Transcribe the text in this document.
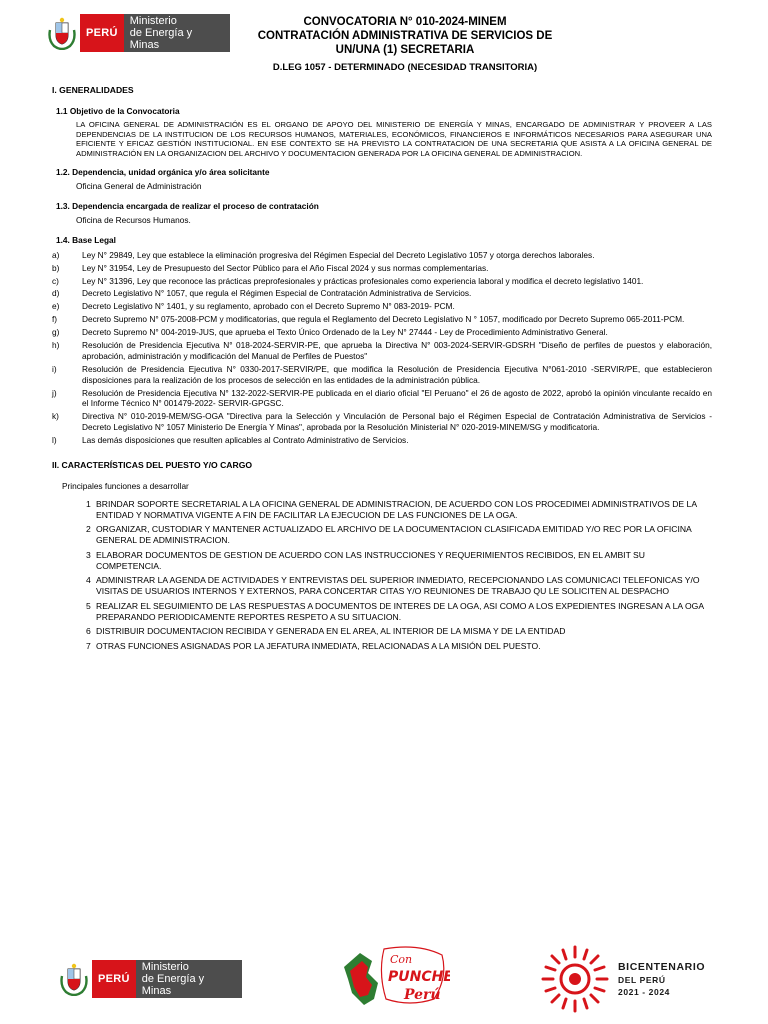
PERÚ
Ministerio
de Energía y Minas
CONVOCATORIA N° 010-2024-MINEM
CONTRATACIÓN ADMINISTRATIVA DE SERVICIOS DE
UN/UNA (1) SECRETARIA
D.LEG 1057 - DETERMINADO (NECESIDAD TRANSITORIA)
I. GENERALIDADES
1.1 Objetivo de la Convocatoria
LA OFICINA GENERAL DE ADMINISTRACIÓN ES EL ORGANO DE APOYO DEL MINISTERIO DE ENERGÍA Y MINAS, ENCARGADO DE ADMINISTRAR Y PROVEER A LAS DEPENDENCIAS DE LA INSTITUCION DE LOS RECURSOS HUMANOS, MATERIALES, ECONÓMICOS, FINANCIEROS E INFORMÁTICOS NECESARIOS PARA ASEGURAR UNA EFICIENTE Y EFICAZ GESTIÓN INSTITUCIONAL. EN ESE CONTEXTO SE HA PREVISTO LA CONTRATACION DE UNA SECRETARIA QUE ASISTA A LA OFICINA GENERAL DE ADMINISTRACIÓN EN LA ORGANIZACION DEL ARCHIVO Y DOCUMENTACION GENERADA POR LA OFICINA GENERAL DE ADMINISTRACION.
1.2. Dependencia, unidad orgánica y/o área solicitante
Oficina General de Administración
1.3. Dependencia encargada de realizar el proceso de contratación
Oficina de Recursos Humanos.
1.4. Base Legal
a)	Ley N° 29849, Ley que establece la eliminación progresiva del Régimen Especial del Decreto Legislativo 1057 y otorga derechos laborales.
b)	Ley N° 31954, Ley de Presupuesto del Sector Público para el Año Fiscal 2024 y sus normas complementarias.
c)	Ley N° 31396, Ley que reconoce las prácticas preprofesionales y prácticas profesionales como experiencia laboral y modifica el decreto legislativo 1401.
d)	Decreto Legislativo N° 1057, que regula el Régimen Especial de Contratación Administrativa de Servicios.
e)	Decreto Legislativo N° 1401, y su reglamento, aprobado con el Decreto Supremo N° 083-2019- PCM.
f)	Decreto Supremo N° 075-2008-PCM y modificatorias, que regula el Reglamento del Decreto Legislativo N ° 1057, modificado por Decreto Supremo 065-2011-PCM.
g)	Decreto Supremo N° 004-2019-JUS, que aprueba el Texto Único Ordenado de la Ley N° 27444 - Ley de Procedimiento Administrativo General.
h)	Resolución de Presidencia Ejecutiva N° 018-2024-SERVIR-PE, que aprueba la Directiva N° 003-2024-SERVIR-GDSRH "Diseño de perfiles de puestos y elaboración, aprobación, administración y modificación del Manual de Perfiles de Puestos"
i)	Resolución de Presidencia Ejecutiva N° 0330-2017-SERVIR/PE, que modifica la Resolución de Presidencia Ejecutiva N°061-2010 -SERVIR/PE, que establecieron disposiciones para la realización de los procesos de selección en las entidades de la administración pública.
j)	Resolución de Presidencia Ejecutiva N° 132-2022-SERVIR-PE publicada en el diario oficial "El Peruano" el 26 de agosto de 2022, aprobó la opinión vinculante recaído en el Informe Técnico N° 001479-2022- SERVIR-GPGSC.
k)	Directiva N° 010-2019-MEM/SG-OGA "Directiva para la Selección y Vinculación de Personal bajo el Régimen Especial de Contratación Administrativa de Servicios - Decreto Legislativo N° 1057 Ministerio De Energía Y Minas", aprobada por la Resolución Ministerial N° 020-2019-MINEM/SG y modificatoria.
l)	Las demás disposiciones que resulten aplicables al Contrato Administrativo de Servicios.
II. CARACTERÍSTICAS DEL PUESTO Y/O CARGO
Principales funciones a desarrollar
1 BRINDAR SOPORTE SECRETARIAL A LA OFICINA GENERAL DE ADMINISTRACION, DE ACUERDO CON LOS PROCEDIMEI ADMINISTRATIVOS DE LA ENTIDAD Y NORMATIVA VIGENTE A FIN DE FACILITAR LA EJECUCION DE LAS FUNCIONES DE LA OGA.
2 ORGANIZAR, CUSTODIAR Y MANTENER ACTUALIZADO EL ARCHIVO DE LA DOCUMENTACION CLASIFICADA EMITIDAD Y/O REC POR LA OFICINA GENERAL DE ADMINISTRACION.
3 ELABORAR DOCUMENTOS DE GESTION DE ACUERDO CON LAS INSTRUCCIONES Y REQUERIMIENTOS RECIBIDOS, EN EL AMBIT SU COMPETENCIA.
4 ADMINISTRAR LA AGENDA DE ACTIVIDADES Y ENTREVISTAS DEL SUPERIOR INMEDIATO, RECEPCIONANDO LAS COMUNICACI TELEFONICAS Y/O VISITAS DE USUARIOS INTERNOS Y EXTERNOS, PARA CONCERTAR CITAS Y/O REUNIONES DE TRABAJO QU LE SOLICITEN AL DESPACHO
5 REALIZAR EL SEGUIMIENTO DE LAS RESPUESTAS A DOCUMENTOS DE INTERES DE LA OGA, ASI COMO A LOS EXPEDIENTES INGRESAN A LA OGA PREPARANDO PERIODICAMENTE REPORTES RESPETO A SU SITUACION.
6 DISTRIBUIR DOCUMENTACION RECIBIDA Y GENERADA EN EL AREA, AL INTERIOR DE LA MISMA Y DE LA ENTIDAD
7 OTRAS FUNCIONES ASIGNADAS POR LA JEFATURA INMEDIATA, RELACIONADAS A LA MISIÓN DEL PUESTO.
PERÚ
Ministerio
de Energía y Minas
Con
PUNCHE
Perú
BICENTENARIO
DEL PERÚ
2021 - 2024
